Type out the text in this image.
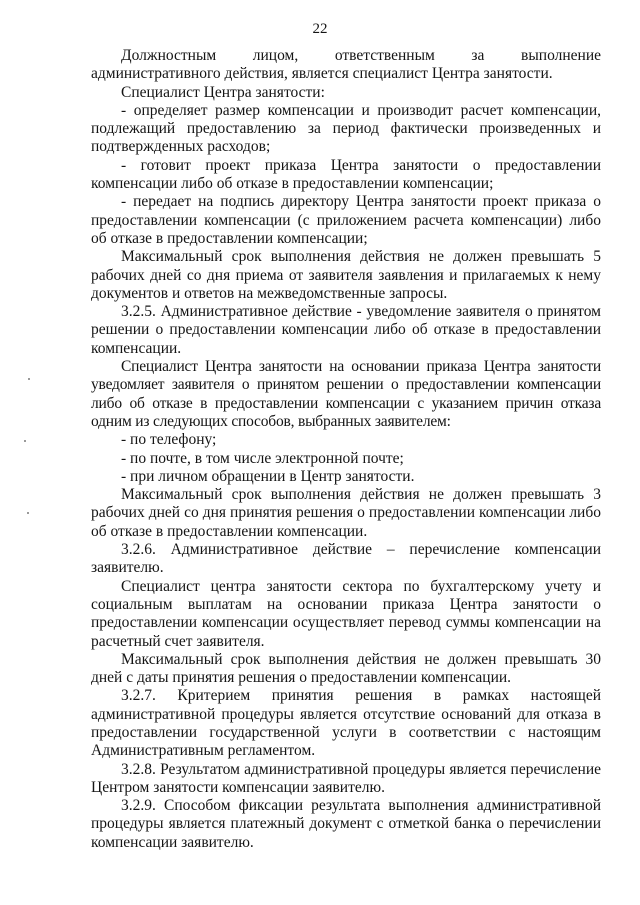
22

Должностным лицом, ответственным за выполнение административного действия, является специалист Центра занятости.

Специалист Центра занятости:

- определяет размер компенсации и производит расчет компенсации, подлежащий предоставлению за период фактически произведенных и подтвержденных расходов;

- готовит проект приказа Центра занятости о предоставлении компенсации либо об отказе в предоставлении компенсации;

- передает на подпись директору Центра занятости проект приказа о предоставлении компенсации (с приложением расчета компенсации) либо об отказе в предоставлении компенсации;

Максимальный срок выполнения действия не должен превышать 5 рабочих дней со дня приема от заявителя заявления и прилагаемых к нему документов и ответов на межведомственные запросы.

3.2.5. Административное действие - уведомление заявителя о принятом решении о предоставлении компенсации либо об отказе в предоставлении компенсации.

Специалист Центра занятости на основании приказа Центра занятости уведомляет заявителя о принятом решении о предоставлении компенсации либо об отказе в предоставлении компенсации с указанием причин отказа одним из следующих способов, выбранных заявителем:

- по телефону;

- по почте, в том числе электронной почте;

- при личном обращении в Центр занятости.

Максимальный срок выполнения действия не должен превышать 3 рабочих дней со дня принятия решения о предоставлении компенсации либо об отказе в предоставлении компенсации.

3.2.6. Административное действие – перечисление компенсации заявителю.

Специалист центра занятости сектора по бухгалтерскому учету и социальным выплатам на основании приказа Центра занятости о предоставлении компенсации осуществляет перевод суммы компенсации на расчетный счет заявителя.

Максимальный срок выполнения действия не должен превышать 30 дней с даты принятия решения о предоставлении компенсации.

3.2.7. Критерием принятия решения в рамках настоящей административной процедуры является отсутствие оснований для отказа в предоставлении государственной услуги в соответствии с настоящим Административным регламентом.

3.2.8. Результатом административной процедуры является перечисление Центром занятости компенсации заявителю.

3.2.9. Способом фиксации результата выполнения административной процедуры является платежный документ с отметкой банка о перечислении компенсации заявителю.
